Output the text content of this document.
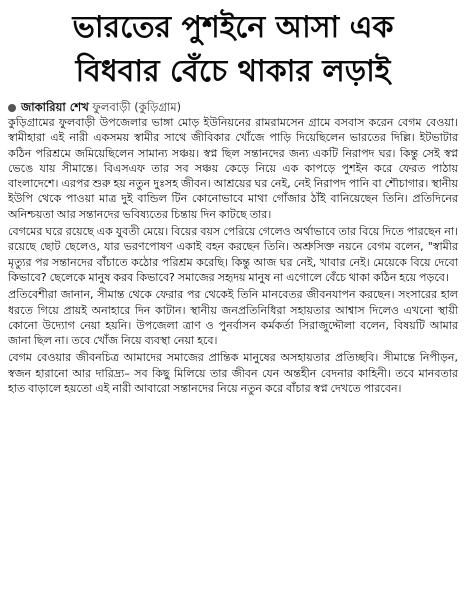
ভারতের পুশইনে আসা এক
বিধবার বেঁচে থাকার লড়াই
জাকারিয়া শেখ ফুলবাড়ী (কুড়িগ্রাম)

কুড়িগ্রামের ফুলবাড়ী উপজেলার ভাঙ্গা মোড় ইউনিয়নের রামরামসেন গ্রামে বসবাস করেন বেগম বেওয়া। স্বামীহারা এই নারী একসময় স্বামীর সাথে জীবিকার খোঁজে পাড়ি দিয়েছিলেন ভারতের দিল্লি। ইটভাটার কঠিন পরিশ্রমে জমিয়েছিলেন সামান্য সঞ্চয়। স্বপ্ন ছিল সন্তানদের জন্য একটি নিরাপদ ঘর। কিন্তু সেই স্বপ্ন ভেঙে যায় সীমান্তে। বিএসএফ তার সব সঞ্চয় কেড়ে নিয়ে এক কাপড়ে পুশইন করে ফেরত পাঠায় বাংলাদেশে। এরপর শুরু হয় নতুন দুঃসহ জীবন। আশ্রয়ের ঘর নেই, নেই নিরাপদ পানি বা শৌচাগার। স্থানীয় ইউপি থেকে পাওয়া মাত্র দুই বান্ডিল টিন কোনোভাবে মাথা গোঁজার ঠাঁই বানিয়েছেন তিনি। প্রতিদিনের অনিশ্চয়তা আর সন্তানদের ভবিষ্যতের চিন্তায় দিন কাটছে তার।

বেগমের ঘরে রয়েছে এক যুবতী মেয়ে। বিয়ের বয়স পেরিয়ে গেলেও অর্থাভাবে তার বিয়ে দিতে পারছেন না। রয়েছে ছোট ছেলেও, যার ভরণপোষণ একাই বহন করছেন তিনি। অশ্রুসিক্ত নয়নে বেগম বলেন, "স্বামীর মৃত্যুর পর সন্তানদের বাঁচাতে কঠোর পরিশ্রম করেছি। কিন্তু আজ ঘর নেই, খাবার নেই। মেয়েকে বিয়ে দেবো কিভাবে? ছেলেকে মানুষ করব কিভাবে? সমাজের সহৃদয় মানুষ না এগোলে বেঁচে থাকা কঠিন হয়ে পড়বে।

প্রতিবেশীরা জানান, সীমান্ত থেকে ফেরার পর থেকেই তিনি মানবেতর জীবনযাপন করছেন। সংসারের হাল ধরতে গিয়ে প্রায়ই অনাহারে দিন কাটান। স্থানীয় জনপ্রতিনিধিরা সহায়তার আশ্বাস দিলেও এখনো স্থায়ী কোনো উদ্যোগ নেয়া হয়নি। উপজেলা ত্রাণ ও পুনর্বাসন কর্মকর্তা সিরাজুদ্দৌলা বলেন, বিষয়টি আমার জানা ছিল না। তবে খোঁজ নিয়ে ব্যবস্থা নেয়া হবে।

বেগম বেওয়ার জীবনচিত্র আমাদের সমাজের প্রান্তিক মানুষের অসহায়তার প্রতিচ্ছবি। সীমান্তে নিপীড়ন, স্বজন হারানো আর দারিদ্র্য– সব কিছু মিলিয়ে তার জীবন যেন অন্তহীন বেদনার কাহিনী। তবে মানবতার হাত বাড়ালে হয়তো এই নারী আবারো সন্তানদের নিয়ে নতুন করে বাঁচার স্বপ্ন দেখতে পারবেন।
